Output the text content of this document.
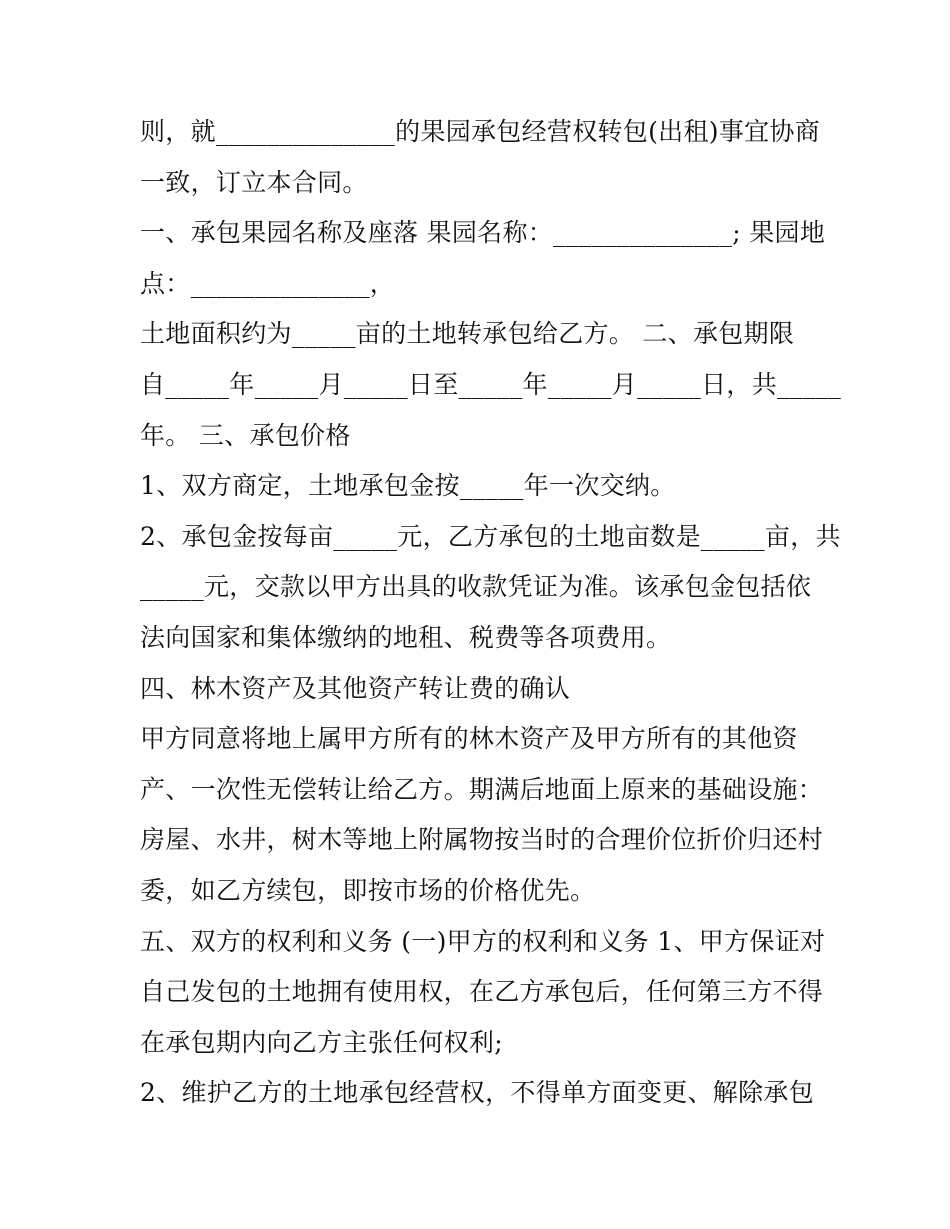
则，就______________的果园承包经营权转包(出租)事宜协商
一致，订立本合同。
一、承包果园名称及座落 果园名称：______________; 果园地
点：______________，
土地面积约为_____亩的土地转承包给乙方。 二、承包期限
自_____年_____月_____日至_____年_____月_____日，共_____
年。 三、承包价格
1、双方商定，土地承包金按_____年一次交纳。
2、承包金按每亩_____元，乙方承包的土地亩数是_____亩，共
_____元，交款以甲方出具的收款凭证为准。该承包金包括依
法向国家和集体缴纳的地租、税费等各项费用。
四、林木资产及其他资产转让费的确认
甲方同意将地上属甲方所有的林木资产及甲方所有的其他资
产、一次性无偿转让给乙方。期满后地面上原来的基础设施：
房屋、水井，树木等地上附属物按当时的合理价位折价归还村
委，如乙方续包，即按市场的价格优先。
五、双方的权利和义务 (一)甲方的权利和义务 1、甲方保证对
自己发包的土地拥有使用权，在乙方承包后，任何第三方不得
在承包期内向乙方主张任何权利;
2、维护乙方的土地承包经营权，不得单方面变更、解除承包
